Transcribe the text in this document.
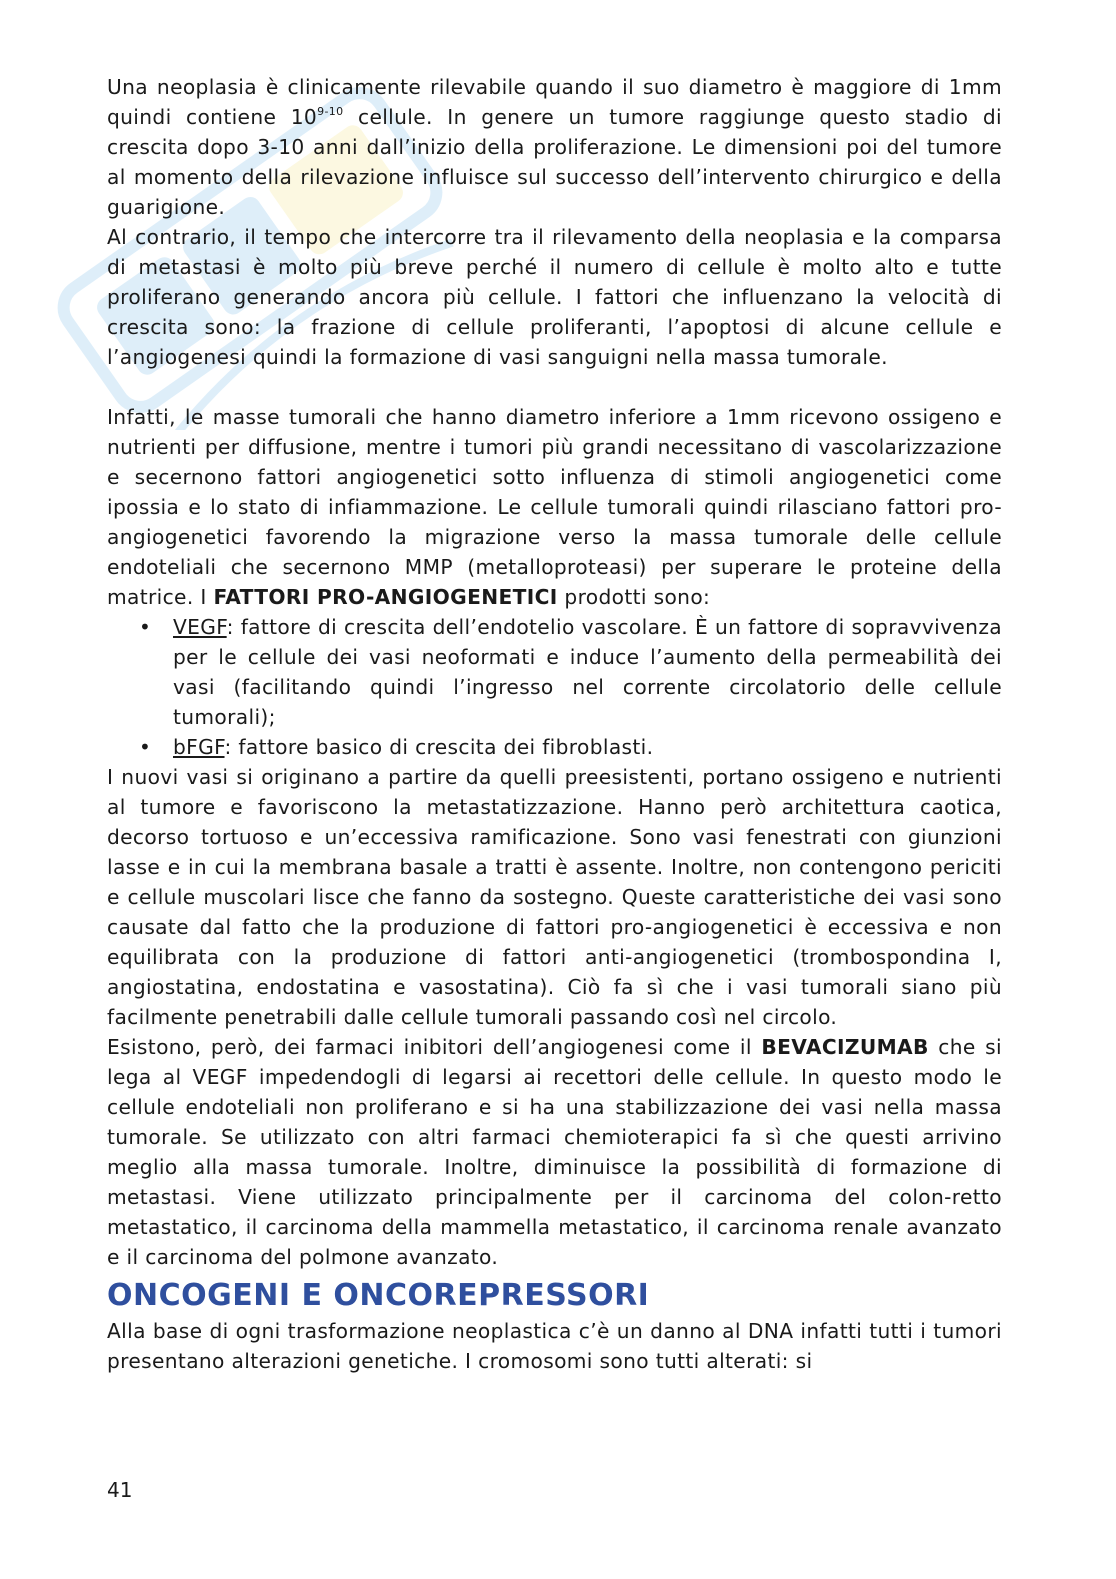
Una neoplasia è clinicamente rilevabile quando il suo diametro è maggiore di 1mm quindi contiene 10$^{9-10}$ cellule. In genere un tumore raggiunge questo stadio di crescita dopo 3-10 anni dall’inizio della proliferazione. Le dimensioni poi del tumore al momento della rilevazione influisce sul successo dell’intervento chirurgico e della guarigione.

Al contrario, il tempo che intercorre tra il rilevamento della neoplasia e la comparsa di metastasi è molto più breve perché il numero di cellule è molto alto e tutte proliferano generando ancora più cellule. I fattori che influenzano la velocità di crescita sono: la frazione di cellule proliferanti, l’apoptosi di alcune cellule e l’angiogenesi quindi la formazione di vasi sanguigni nella massa tumorale.

Infatti, le masse tumorali che hanno diametro inferiore a 1mm ricevono ossigeno e nutrienti per diffusione, mentre i tumori più grandi necessitano di vascolarizzazione e secernono fattori angiogenetici sotto influenza di stimoli angiogenetici come ipossia e lo stato di infiammazione. Le cellule tumorali quindi rilasciano fattori pro-angiogenetici favorendo la migrazione verso la massa tumorale delle cellule endoteliali che secernono MMP (metalloproteasi) per superare le proteine della matrice. I FATTORI PRO-ANGIOGENETICI prodotti sono:

• VEGF: fattore di crescita dell’endotelio vascolare. È un fattore di sopravvivenza per le cellule dei vasi neoformati e induce l’aumento della permeabilità dei vasi (facilitando quindi l’ingresso nel corrente circolatorio delle cellule tumorali);
• bFGF: fattore basico di crescita dei fibroblasti.

I nuovi vasi si originano a partire da quelli preesistenti, portano ossigeno e nutrienti al tumore e favoriscono la metastatizzazione. Hanno però architettura caotica, decorso tortuoso e un’eccessiva ramificazione. Sono vasi fenestrati con giunzioni lasse e in cui la membrana basale a tratti è assente. Inoltre, non contengono periciti e cellule muscolari lisce che fanno da sostegno. Queste caratteristiche dei vasi sono causate dal fatto che la produzione di fattori pro-angiogenetici è eccessiva e non equilibrata con la produzione di fattori anti-angiogenetici (trombospondina I, angiostatina, endostatina e vasostatina). Ciò fa sì che i vasi tumorali siano più facilmente penetrabili dalle cellule tumorali passando così nel circolo.

Esistono, però, dei farmaci inibitori dell’angiogenesi come il BEVACIZUMAB che si lega al VEGF impedendogli di legarsi ai recettori delle cellule. In questo modo le cellule endoteliali non proliferano e si ha una stabilizzazione dei vasi nella massa tumorale. Se utilizzato con altri farmaci chemioterapici fa sì che questi arrivino meglio alla massa tumorale. Inoltre, diminuisce la possibilità di formazione di metastasi. Viene utilizzato principalmente per il carcinoma del colon-retto metastatico, il carcinoma della mammella metastatico, il carcinoma renale avanzato e il carcinoma del polmone avanzato.

ONCOGENI E ONCOREPRESSORI

Alla base di ogni trasformazione neoplastica c’è un danno al DNA infatti tutti i tumori presentano alterazioni genetiche. I cromosomi sono tutti alterati: si

41
